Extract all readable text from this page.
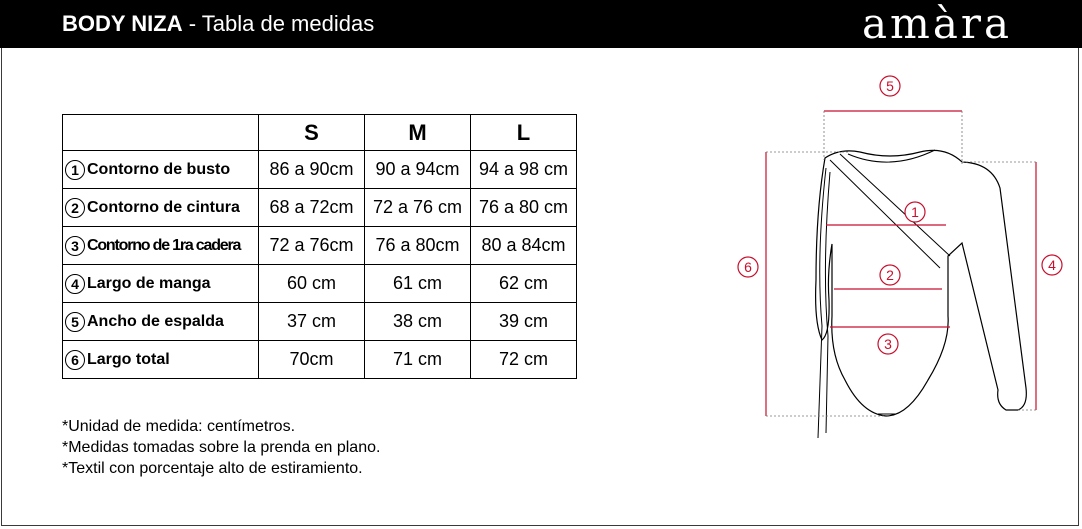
BODY NIZA - Tabla de medidas	amàra
	S	M	L
1 Contorno de busto	86 a 90cm	90 a 94cm	94 a 98 cm
2 Contorno de cintura	68 a 72cm	72 a 76 cm	76 a 80 cm
3 Contorno de 1ra cadera	72 a 76cm	76 a 80cm	80 a 84cm
4 Largo de manga	60 cm	61 cm	62 cm
5 Ancho de espalda	37 cm	38 cm	39 cm
6 Largo total	70cm	71 cm	72 cm
*Unidad de medida: centímetros.
*Medidas tomadas sobre la prenda en plano.
*Textil con porcentaje alto de estiramiento.
5
6	4
1
2
3
